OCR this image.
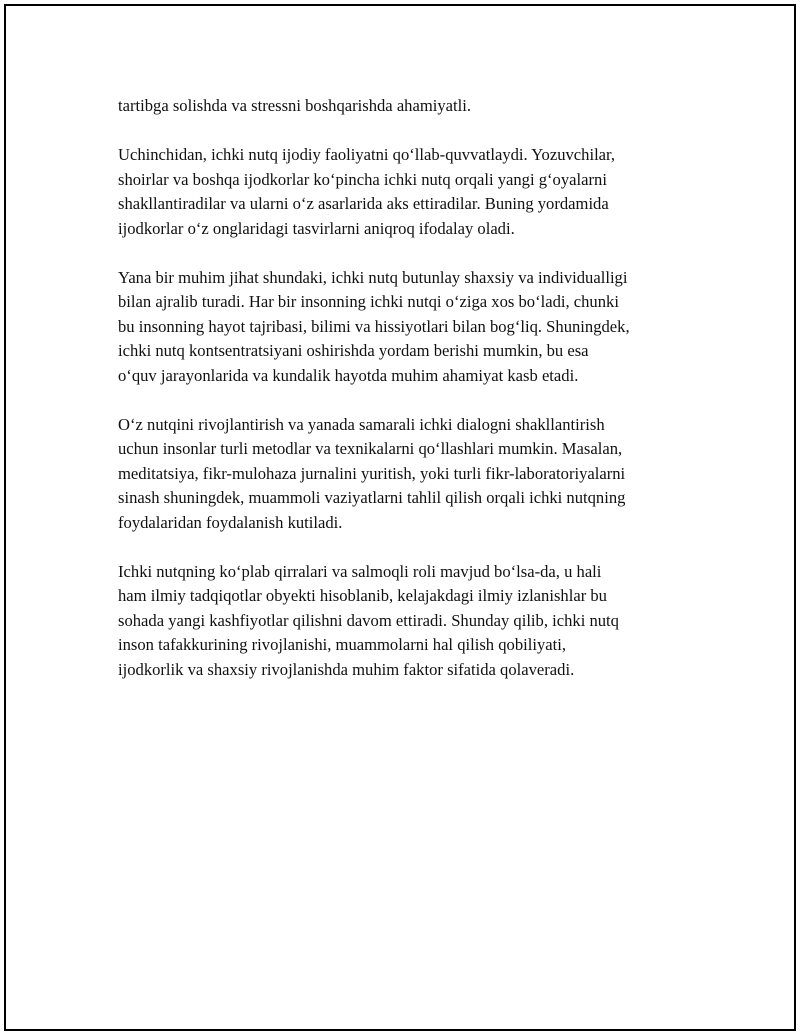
tartibga solishda va stressni boshqarishda ahamiyatli.

Uchinchidan, ichki nutq ijodiy faoliyatni qo‘llab-quvvatlaydi. Yozuvchilar,
shoirlar va boshqa ijodkorlar ko‘pincha ichki nutq orqali yangi g‘oyalarni
shakllantiradilar va ularni o‘z asarlarida aks ettiradilar. Buning yordamida
ijodkorlar o‘z onglaridagi tasvirlarni aniqroq ifodalay oladi.

Yana bir muhim jihat shundaki, ichki nutq butunlay shaxsiy va individualligi
bilan ajralib turadi. Har bir insonning ichki nutqi o‘ziga xos bo‘ladi, chunki
bu insonning hayot tajribasi, bilimi va hissiyotlari bilan bog‘liq. Shuningdek,
ichki nutq kontsentratsiyani oshirishda yordam berishi mumkin, bu esa
o‘quv jarayonlarida va kundalik hayotda muhim ahamiyat kasb etadi.

O‘z nutqini rivojlantirish va yanada samarali ichki dialogni shakllantirish
uchun insonlar turli metodlar va texnikalarni qo‘llashlari mumkin. Masalan,
meditatsiya, fikr-mulohaza jurnalini yuritish, yoki turli fikr-laboratoriyalarni
sinash shuningdek, muammoli vaziyatlarni tahlil qilish orqali ichki nutqning
foydalaridan foydalanish kutiladi.

Ichki nutqning ko‘plab qirralari va salmoqli roli mavjud bo‘lsa-da, u hali
ham ilmiy tadqiqotlar obyekti hisoblanib, kelajakdagi ilmiy izlanishlar bu
sohada yangi kashfiyotlar qilishni davom ettiradi. Shunday qilib, ichki nutq
inson tafakkurining rivojlanishi, muammolarni hal qilish qobiliyati,
ijodkorlik va shaxsiy rivojlanishda muhim faktor sifatida qolaveradi.
